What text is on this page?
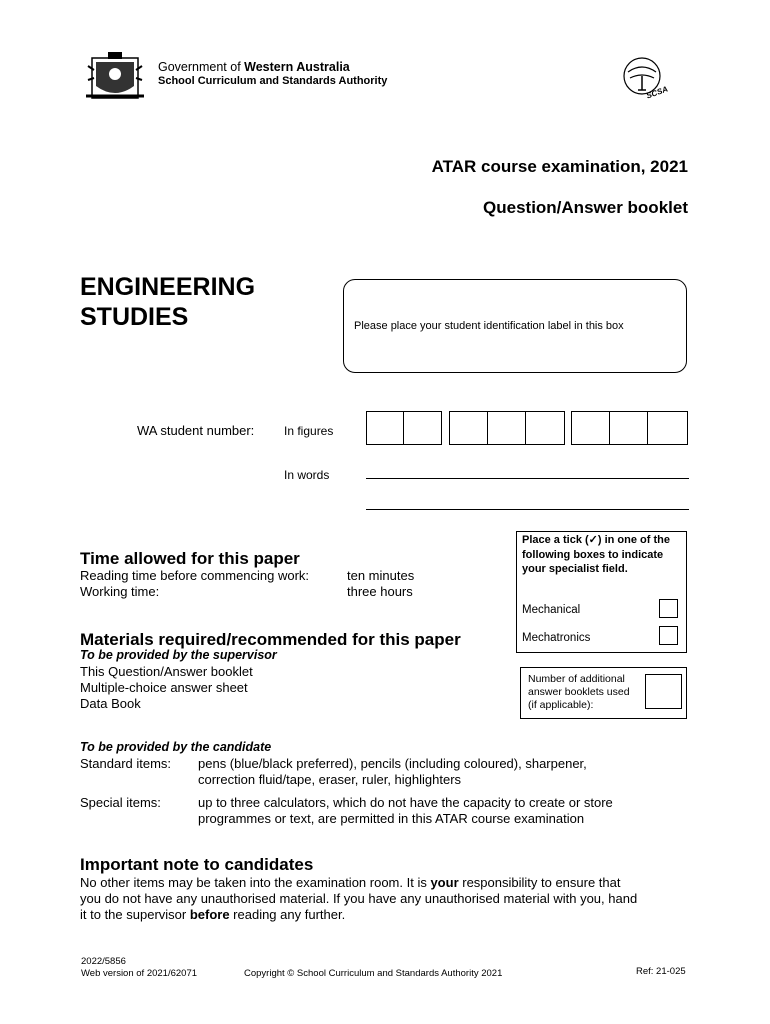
Government of Western Australia
School Curriculum and Standards Authority
SCSA
ATAR course examination, 2021
Question/Answer booklet
ENGINEERING
STUDIES	Please place your student identification label in this box
WA student number: In figures
In words
Place a tick (✓) in one of the following boxes to indicate your specialist field.
Mechanical
Mechatronics
Number of additional
answer booklets used
(if applicable):
Time allowed for this paper
Reading time before commencing work:	ten minutes
Working time:	three hours
Materials required/recommended for this paper
To be provided by the supervisor
This Question/Answer booklet
Multiple-choice answer sheet
Data Book
To be provided by the candidate
Standard items: pens (blue/black preferred), pencils (including coloured), sharpener,
correction fluid/tape, eraser, ruler, highlighters
Special items:	up to three calculators, which do not have the capacity to create or store
programmes or text, are permitted in this ATAR course examination
Important note to candidates
No other items may be taken into the examination room. It is your responsibility to ensure that
you do not have any unauthorised material. If you have any unauthorised material with you, hand
it to the supervisor before reading any further.
2022/5856
Web version of 2021/62071	Copyright © School Curriculum and Standards Authority 2021	Ref: 21-025
